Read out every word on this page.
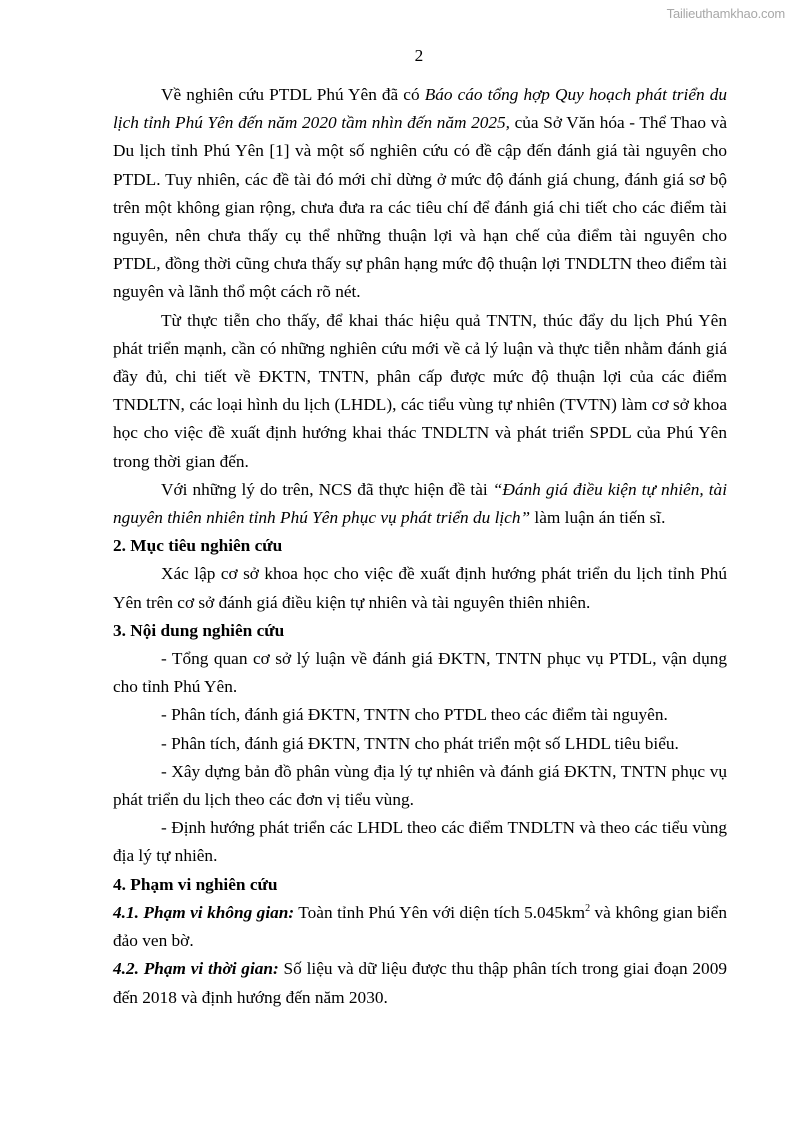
Tailieuthamkhao.com
2

Về nghiên cứu PTDL Phú Yên đã có Báo cáo tổng hợp Quy hoạch phát triển du lịch tỉnh Phú Yên đến năm 2020 tầm nhìn đến năm 2025, của Sở Văn hóa - Thể Thao và Du lịch tỉnh Phú Yên [1] và một số nghiên cứu có đề cập đến đánh giá tài nguyên cho PTDL. Tuy nhiên, các đề tài đó mới chỉ dừng ở mức độ đánh giá chung, đánh giá sơ bộ trên một không gian rộng, chưa đưa ra các tiêu chí để đánh giá chi tiết cho các điểm tài nguyên, nên chưa thấy cụ thể những thuận lợi và hạn chế của điểm tài nguyên cho PTDL, đồng thời cũng chưa thấy sự phân hạng mức độ thuận lợi TNDLTN theo điểm tài nguyên và lãnh thổ một cách rõ nét.

Từ thực tiễn cho thấy, để khai thác hiệu quả TNTN, thúc đẩy du lịch Phú Yên phát triển mạnh, cần có những nghiên cứu mới về cả lý luận và thực tiễn nhằm đánh giá đầy đủ, chi tiết về ĐKTN, TNTN, phân cấp được mức độ thuận lợi của các điểm TNDLTN, các loại hình du lịch (LHDL), các tiểu vùng tự nhiên (TVTN) làm cơ sở khoa học cho việc đề xuất định hướng khai thác TNDLTN và phát triển SPDL của Phú Yên trong thời gian đến.

Với những lý do trên, NCS đã thực hiện đề tài “Đánh giá điều kiện tự nhiên, tài nguyên thiên nhiên tỉnh Phú Yên phục vụ phát triển du lịch” làm luận án tiến sĩ.

2. Mục tiêu nghiên cứu

Xác lập cơ sở khoa học cho việc đề xuất định hướng phát triển du lịch tỉnh Phú Yên trên cơ sở đánh giá điều kiện tự nhiên và tài nguyên thiên nhiên.

3. Nội dung nghiên cứu

- Tổng quan cơ sở lý luận về đánh giá ĐKTN, TNTN phục vụ PTDL, vận dụng cho tỉnh Phú Yên.

- Phân tích, đánh giá ĐKTN, TNTN cho PTDL theo các điểm tài nguyên.

- Phân tích, đánh giá ĐKTN, TNTN cho phát triển một số LHDL tiêu biểu.

- Xây dựng bản đồ phân vùng địa lý tự nhiên và đánh giá ĐKTN, TNTN phục vụ phát triển du lịch theo các đơn vị tiểu vùng.

- Định hướng phát triển các LHDL theo các điểm TNDLTN và theo các tiểu vùng địa lý tự nhiên.

4. Phạm vi nghiên cứu

4.1. Phạm vi không gian: Toàn tỉnh Phú Yên với diện tích $5.045km^2$ và không gian biển đảo ven bờ.

4.2. Phạm vi thời gian: Số liệu và dữ liệu được thu thập phân tích trong giai đoạn 2009 đến 2018 và định hướng đến năm 2030.
